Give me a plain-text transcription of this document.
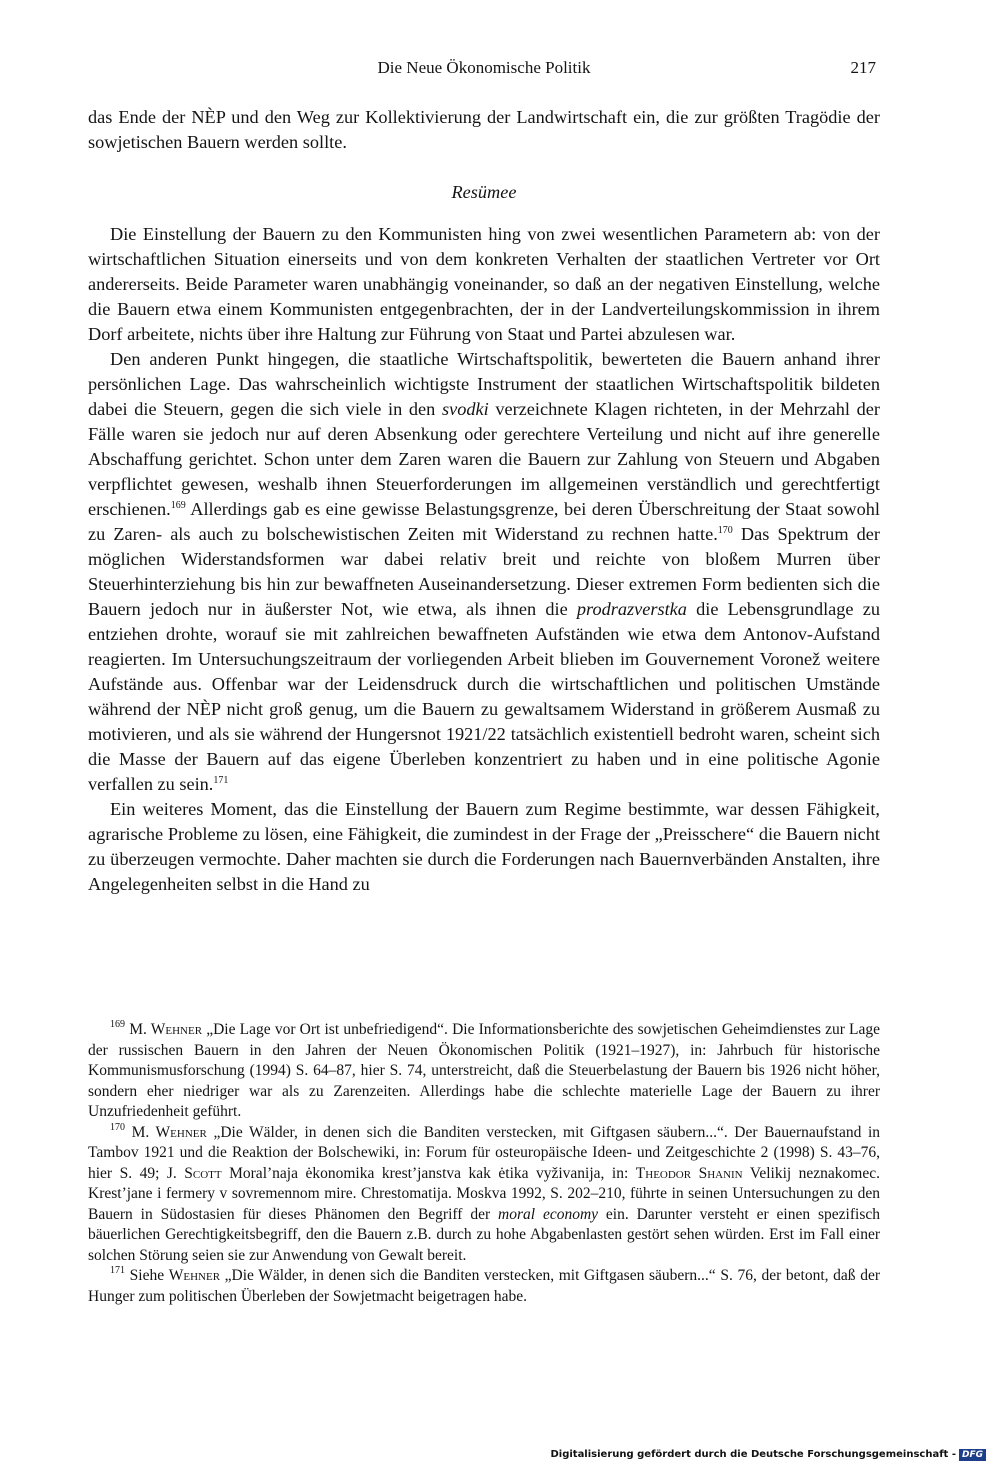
Die Neue Ökonomische Politik	217

das Ende der NÈP und den Weg zur Kollektivierung der Landwirtschaft ein, die zur größten Tragödie der sowjetischen Bauern werden sollte.

Resümee

Die Einstellung der Bauern zu den Kommunisten hing von zwei wesentlichen Parametern ab: von der wirtschaftlichen Situation einerseits und von dem konkreten Verhalten der staatlichen Vertreter vor Ort andererseits. Beide Parameter waren unabhängig voneinander, so daß an der negativen Einstellung, welche die Bauern etwa einem Kommunisten entgegenbrachten, der in der Landverteilungskommission in ihrem Dorf arbeitete, nichts über ihre Haltung zur Führung von Staat und Partei abzulesen war.

Den anderen Punkt hingegen, die staatliche Wirtschaftspolitik, bewerteten die Bauern anhand ihrer persönlichen Lage. Das wahrscheinlich wichtigste Instrument der staatlichen Wirtschaftspolitik bildeten dabei die Steuern, gegen die sich viele in den svodki verzeichnete Klagen richteten, in der Mehrzahl der Fälle waren sie jedoch nur auf deren Absenkung oder gerechtere Verteilung und nicht auf ihre generelle Abschaffung gerichtet. Schon unter dem Zaren waren die Bauern zur Zahlung von Steuern und Abgaben verpflichtet gewesen, weshalb ihnen Steuerforderungen im allgemeinen verständlich und gerechtfertigt erschienen.$^{169}$ Allerdings gab es eine gewisse Belastungsgrenze, bei deren Überschreitung der Staat sowohl zu Zaren- als auch zu bolschewistischen Zeiten mit Widerstand zu rechnen hatte.$^{170}$ Das Spektrum der möglichen Widerstandsformen war dabei relativ breit und reichte von bloßem Murren über Steuerhinterziehung bis hin zur bewaffneten Auseinandersetzung. Dieser extremen Form bedienten sich die Bauern jedoch nur in äußerster Not, wie etwa, als ihnen die prodrazverstka die Lebensgrundlage zu entziehen drohte, worauf sie mit zahlreichen bewaffneten Aufständen wie etwa dem Antonov-Aufstand reagierten. Im Untersuchungszeitraum der vorliegenden Arbeit blieben im Gouvernement Voronež weitere Aufstände aus. Offenbar war der Leidensdruck durch die wirtschaftlichen und politischen Umstände während der NÈP nicht groß genug, um die Bauern zu gewaltsamem Widerstand in größerem Ausmaß zu motivieren, und als sie während der Hungersnot 1921/22 tatsächlich existentiell bedroht waren, scheint sich die Masse der Bauern auf das eigene Überleben konzentriert zu haben und in eine politische Agonie verfallen zu sein.$^{171}$

Ein weiteres Moment, das die Einstellung der Bauern zum Regime bestimmte, war dessen Fähigkeit, agrarische Probleme zu lösen, eine Fähigkeit, die zumindest in der Frage der „Preisschere“ die Bauern nicht zu überzeugen vermochte. Daher machten sie durch die Forderungen nach Bauernverbänden Anstalten, ihre Angelegenheiten selbst in die Hand zu

$^{169}$ M. Wehner „Die Lage vor Ort ist unbefriedigend“. Die Informationsberichte des sowjetischen Geheimdienstes zur Lage der russischen Bauern in den Jahren der Neuen Ökonomischen Politik (1921–1927), in: Jahrbuch für historische Kommunismusforschung (1994) S. 64–87, hier S. 74, unterstreicht, daß die Steuerbelastung der Bauern bis 1926 nicht höher, sondern eher niedriger war als zu Zarenzeiten. Allerdings habe die schlechte materielle Lage der Bauern zu ihrer Unzufriedenheit geführt.

$^{170}$ M. Wehner „Die Wälder, in denen sich die Banditen verstecken, mit Giftgasen säubern...“. Der Bauernaufstand in Tambov 1921 und die Reaktion der Bolschewiki, in: Forum für osteuropäische Ideen- und Zeitgeschichte 2 (1998) S. 43–76, hier S. 49; J. Scott Moral’naja ėkonomika krest’janstva kak ėtika vyživanija, in: Theodor Shanin Velikij neznakomec. Krest’jane i fermery v sovremennom mire. Chrestomatija. Moskva 1992, S. 202–210, führte in seinen Untersuchungen zu den Bauern in Südostasien für dieses Phänomen den Begriff der moral economy ein. Darunter versteht er einen spezifisch bäuerlichen Gerechtigkeitsbegriff, den die Bauern z.B. durch zu hohe Abgabenlasten gestört sehen würden. Erst im Fall einer solchen Störung seien sie zur Anwendung von Gewalt bereit.

$^{171}$ Siehe Wehner „Die Wälder, in denen sich die Banditen verstecken, mit Giftgasen säubern...“ S. 76, der betont, daß der Hunger zum politischen Überleben der Sowjetmacht beigetragen habe.

Digitalisierung gefördert durch die Deutsche Forschungsgemeinschaft - DFG
